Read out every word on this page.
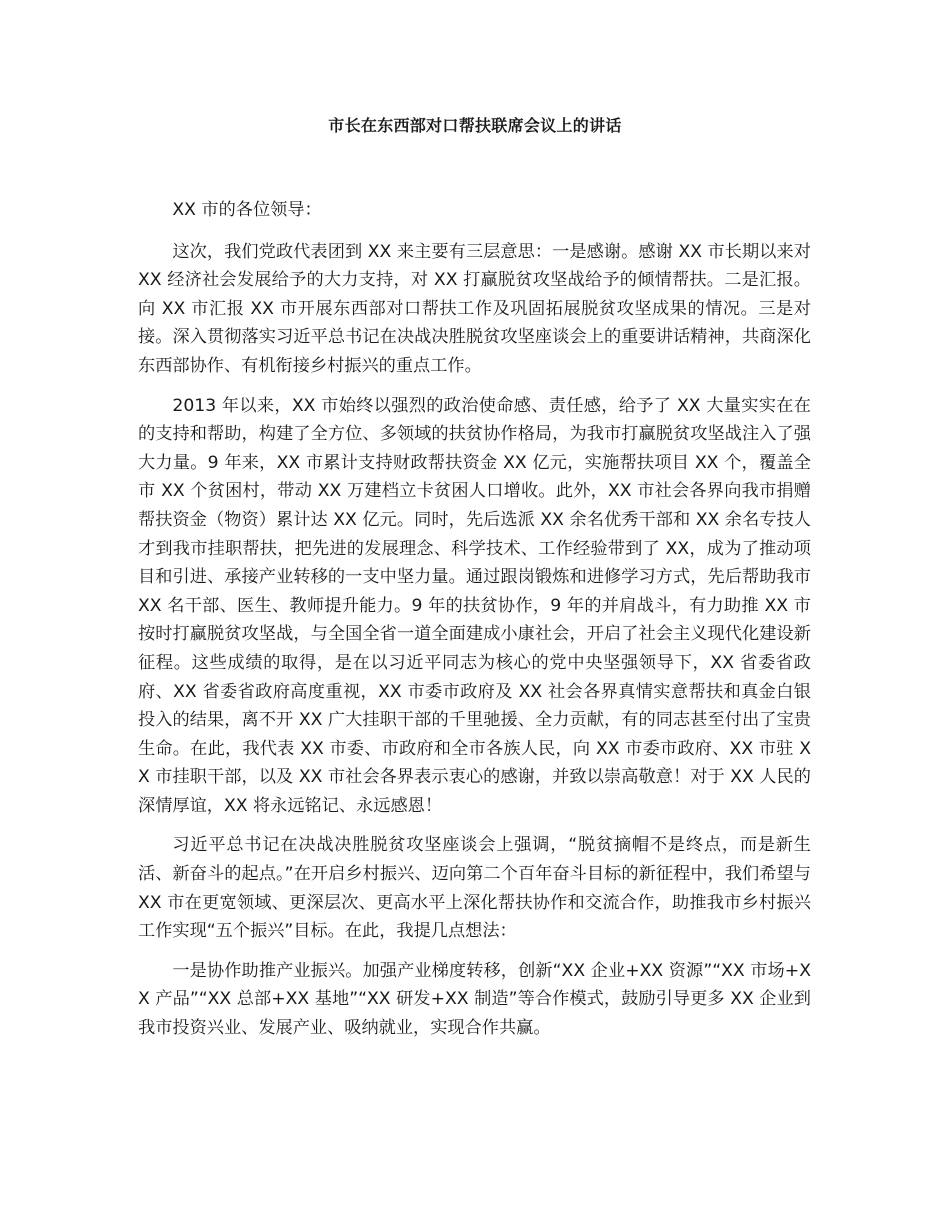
市长在东西部对口帮扶联席会议上的讲话

XX 市的各位领导：

这次，我们党政代表团到 XX 来主要有三层意思：一是感谢。感谢 XX 市长期以来对 XX 经济社会发展给予的大力支持，对 XX 打赢脱贫攻坚战给予的倾情帮扶。二是汇报。向 XX 市汇报 XX 市开展东西部对口帮扶工作及巩固拓展脱贫攻坚成果的情况。三是对接。深入贯彻落实习近平总书记在决战决胜脱贫攻坚座谈会上的重要讲话精神，共商深化东西部协作、有机衔接乡村振兴的重点工作。

2013 年以来，XX 市始终以强烈的政治使命感、责任感，给予了 XX 大量实实在在的支持和帮助，构建了全方位、多领域的扶贫协作格局，为我市打赢脱贫攻坚战注入了强大力量。9 年来，XX 市累计支持财政帮扶资金 XX 亿元，实施帮扶项目 XX 个，覆盖全市 XX 个贫困村，带动 XX 万建档立卡贫困人口增收。此外，XX 市社会各界向我市捐赠帮扶资金（物资）累计达 XX 亿元。同时，先后选派 XX 余名优秀干部和 XX 余名专技人才到我市挂职帮扶，把先进的发展理念、科学技术、工作经验带到了 XX，成为了推动项目和引进、承接产业转移的一支中坚力量。通过跟岗锻炼和进修学习方式，先后帮助我市 XX 名干部、医生、教师提升能力。9 年的扶贫协作，9 年的并肩战斗，有力助推 XX 市按时打赢脱贫攻坚战，与全国全省一道全面建成小康社会，开启了社会主义现代化建设新征程。这些成绩的取得，是在以习近平同志为核心的党中央坚强领导下，XX 省委省政府、XX 省委省政府高度重视，XX 市委市政府及 XX 社会各界真情实意帮扶和真金白银投入的结果，离不开 XX 广大挂职干部的千里驰援、全力贡献，有的同志甚至付出了宝贵生命。在此，我代表 XX 市委、市政府和全市各族人民，向 XX 市委市政府、XX 市驻 XX 市挂职干部，以及 XX 市社会各界表示衷心的感谢，并致以崇高敬意！对于 XX 人民的深情厚谊，XX 将永远铭记、永远感恩！

习近平总书记在决战决胜脱贫攻坚座谈会上强调，“脱贫摘帽不是终点，而是新生活、新奋斗的起点。”在开启乡村振兴、迈向第二个百年奋斗目标的新征程中，我们希望与 XX 市在更宽领域、更深层次、更高水平上深化帮扶协作和交流合作，助推我市乡村振兴工作实现“五个振兴”目标。在此，我提几点想法：

一是协作助推产业振兴。加强产业梯度转移，创新“XX 企业+XX 资源”“XX 市场+XX 产品”“XX 总部+XX 基地”“XX 研发+XX 制造”等合作模式，鼓励引导更多 XX 企业到我市投资兴业、发展产业、吸纳就业，实现合作共赢。
